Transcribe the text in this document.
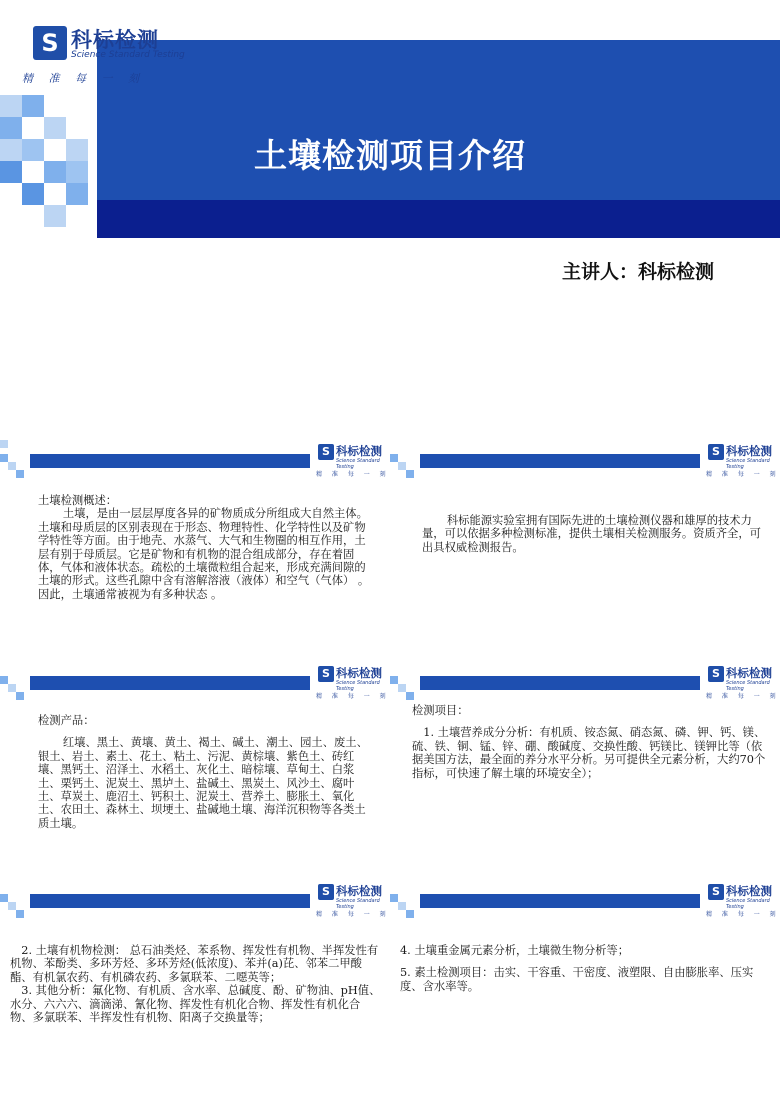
S 科标检测
Science Standard Testing
精 准 每 一 刻
土壤检测项目介绍
主讲人：科标检测
S 科标检测
Science Standard Testing
精 准 每 一 刻

土壤检测概述：

土壤，是由一层层厚度各异的矿物质成分所组成大自然主体。土壤和母质层的区别表现在于形态、物理特性、化学特性以及矿物学特性等方面。由于地壳、水蒸气、大气和生物圈的相互作用，土层有别于母质层。它是矿物和有机物的混合组成部分，存在着固体，气体和液体状态。疏松的土壤微粒组合起来，形成充满间隙的土壤的形式。这些孔隙中含有溶解溶液（液体）和空气（气体） 。因此，土壤通常被视为有多种状态 。

S 科标检测
Science Standard Testing
精 准 每 一 刻

科标能源实验室拥有国际先进的土壤检测仪器和雄厚的技术力量，可以依据多种检测标准，提供土壤相关检测服务。资质齐全，可出具权威检测报告。

S 科标检测
Science Standard Testing
精 准 每 一 刻

检测产品：

红壤、黑土、黄壤、黄土、褐土、碱土、潮土、园土、废土、银土、岩土、素土、花土、粘土、污泥、黄棕壤、紫色土、砖红壤、黑钙土、沼泽土、水稻土、灰化土、暗棕壤、草甸土、白浆土、栗钙土、泥炭土、黑垆土、盐碱土、黑炭土、风沙土、腐叶土、草炭土、鹿沼土、钙积土、泥炭土、营养土、膨胀土、氧化土、农田土、森林土、坝埂土、盐碱地土壤、海洋沉积物等各类土质土壤。

S 科标检测
Science Standard Testing
精 准 每 一 刻

检测项目：

1. 土壤营养成分分析：有机质、铵态氮、硝态氮、磷、钾、钙、镁、硫、铁、铜、锰、锌、硼、酸碱度、交换性酸、钙镁比、镁钾比等（依据美国方法，最全面的养分水平分析。另可提供全元素分析，大约70个指标，可快速了解土壤的环境安全）；

S 科标检测
Science Standard Testing
精 准 每 一 刻

2. 土壤有机物检测： 总石油类烃、苯系物、挥发性有机物、半挥发性有机物、苯酚类、多环芳烃、多环芳烃(低浓度)、苯并(a)芘、邻苯二甲酸酯、有机氯农药、有机磷农药、多氯联苯、二噁英等；

3. 其他分析：氟化物、有机质、含水率、总碱度、酚、矿物油、pH值、水分、六六六、滴滴涕、氰化物、挥发性有机化合物、挥发性有机化合物、多氯联苯、半挥发性有机物、阳离子交换量等；

S 科标检测
Science Standard Testing
精 准 每 一 刻

4. 土壤重金属元素分析，土壤微生物分析等；

5. 素土检测项目：击实、干容重、干密度、液塑限、自由膨胀率、压实度、含水率等。
